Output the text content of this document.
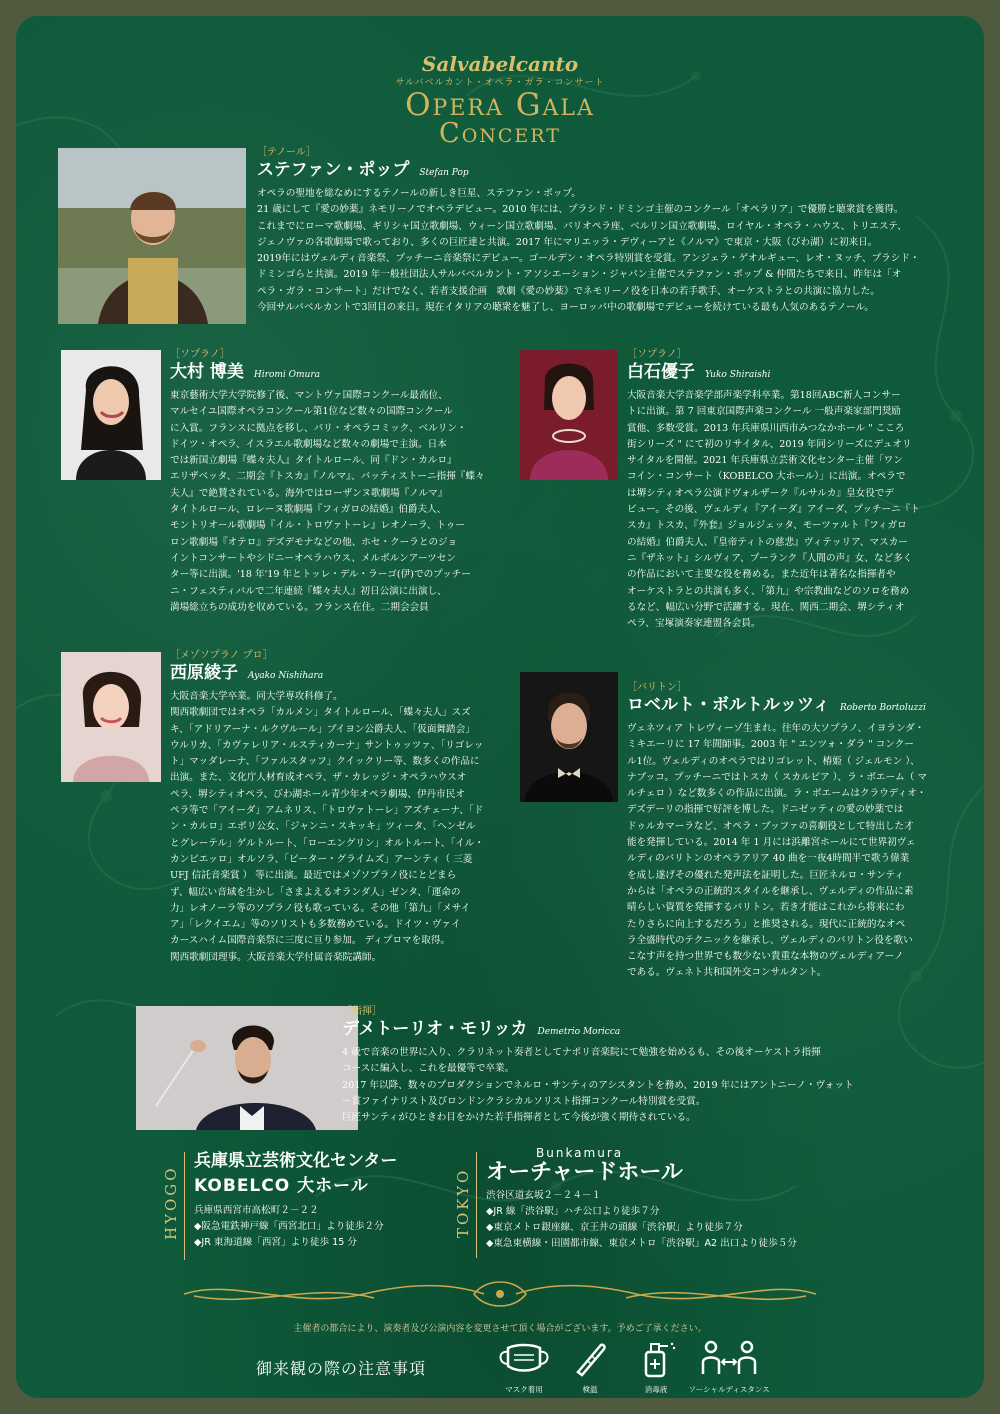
Salvabelcanto
サルバベルカント・オペラ・ガラ・コンサート
Opera Gala
Concert
［テノール］
ステファン・ポップ Stefan Pop
オペラの聖地を総なめにするテノールの新しき巨星、ステファン・ポップ。
21 歳にして『愛の妙薬』ネモリーノでオペラデビュー。2010 年には、プラシド・ドミンゴ主催のコンクール「オペラリア」で優勝と聴衆賞を獲得。
これまでにローマ歌劇場、ギリシャ国立歌劇場、ウィーン国立歌劇場、パリオペラ座、ベルリン国立歌劇場、ロイヤル・オペラ・ハウス、トリエステ、
ジェノヴァの各歌劇場で歌っており、多くの巨匠達と共演。2017 年にマリエッラ・デヴィーアと《ノルマ》で東京・大阪（びわ湖）に初来日。
2019年にはヴェルディ音楽祭、プッチーニ音楽祭にデビュー。ゴールデン・オペラ特別賞を受賞。アンジェラ・ゲオルギュー、レオ・ヌッチ、プラシド・
ドミンゴらと共演。2019 年一般社団法人サルバベルカント・アソシエーション・ジャパン主催でステファン・ポップ & 仲間たちで来日、昨年は「オ
ペラ・ガラ・コンサート」だけでなく、若者支援企画　歌劇《愛の妙薬》でネモリーノ役を日本の若手歌手、オーケストラとの共演に協力した。
今回サルバベルカントで3回目の来日。現在イタリアの聴衆を魅了し、ヨーロッパ中の歌劇場でデビューを続けている最も人気のあるテノール。
［ソプラノ］
大村 博美 Hiromi Omura
東京藝術大学大学院修了後、マントヴァ国際コンクール最高位、
マルセイユ国際オペラコンクール第1位など数々の国際コンクール
に入賞。フランスに拠点を移し、パリ・オペラコミック、ベルリン・
ドイツ・オペラ、イスラエル歌劇場など数々の劇場で主演。日本
では新国立劇場『蝶々夫人』タイトルロール、同『ドン・カルロ』
エリザベッタ、二期会『トスカ』『ノルマ』、バッティストーニ指揮『蝶々
夫人』で絶賛されている。海外ではローザンヌ歌劇場『ノルマ』
タイトルロール、ロレーヌ歌劇場『フィガロの結婚』伯爵夫人、
モントリオール歌劇場『イル・トロヴァトーレ』レオノーラ、トゥー
ロン歌劇場『オテロ』デズデモナなどの他、ホセ・クーラとのジョ
イントコンサートやシドニーオペラハウス、メルボルンアーツセン
ター等に出演。'18 年'19 年とトッレ・デル・ラーゴ(伊)でのプッチー
ニ・フェスティバルで二年連続『蝶々夫人』初日公演に出演し、
満場総立ちの成功を収めている。フランス在住。二期会会員
［ソプラノ］
白石優子 Yuko Shiraishi
大阪音楽大学音楽学部声楽学科卒業。第18回ABC新人コンサー
トに出演。第 7 回東京国際声楽コンクール 一般声楽家部門奨励
賞他、多数受賞。2013 年兵庫県川西市みつなかホール " こころ
街シリーズ " にて初のリサイタル、2019 年同シリーズにデュオリ
サイタルを開催。2021 年兵庫県立芸術文化センター主催「ワン
コイン・コンサート（KOBELCO 大ホール）」に出演。オペラで
は堺シティオペラ公演ドヴォルザーク『ルサルカ』皇女役でデ
ビュー。その後、ヴェルディ『アイーダ』アイーダ、プッチーニ『ト
スカ』トスカ、『外套』ジョルジェッタ、モーツァルト『フィガロ
の結婚』伯爵夫人、『皇帝ティトの慈悲』ヴィテッリア、マスカー
ニ『ザネット』シルヴィア、プーランク『人間の声』女、など多く
の作品において主要な役を務める。また近年は著名な指揮者や
オーケストラとの共演も多く、「第九」や宗教曲などのソロを務め
るなど、幅広い分野で活躍する。現在、関西二期会、堺シティオ
ペラ、宝塚演奏家連盟各会員。
［メゾソプラノ プロ］
西原綾子 Ayako Nishihara
大阪音楽大学卒業。同大学専攻科修了。
関西歌劇団ではオペラ「カルメン」タイトルロール、「蝶々夫人」スズ
キ、「アドリアーナ・ルクヴルール」ブイヨン公爵夫人、「仮面舞踏会」
ウルリカ、「カヴァレリア・ルスティカーナ」サントゥッツァ、「リゴレッ
ト」マッダレーナ、「ファルスタッフ」クイックリー等、数多くの作品に
出演。また、文化庁人材育成オペラ、ザ・カレッジ・オペラハウスオ
ペラ、堺シティオペラ、びわ湖ホール青少年オペラ劇場、伊丹市民オ
ペラ等で「アイーダ」アムネリス、「トロヴァトーレ」アズチェーナ、「ド
ン・カルロ」エボリ公女、「ジャンニ・スキッキ」ツィータ、「ヘンゼル
とグレーテル」ゲルトルート、「ローエングリン」オルトルート、「イル・
カンピエッロ」オルソラ、「ピーター・グライムズ」アーンティ（ 三菱
UFJ 信託音楽賞 ） 等に出演。最近ではメゾソプラノ役にとどまら
ず、幅広い音域を生かし「さまよえるオランダ人」ゼンタ、「運命の
力」レオノーラ等のソプラノ役も歌っている。その他「第九」「メサイ
ア」「レクイエム」等のソリストも多数務めている。ドイツ・ヴァイ
カースハイム国際音楽祭に三度に亘り参加。 ディプロマを取得。
関西歌劇団理事。大阪音楽大学付属音楽院講師。
［バリトン］
ロベルト・ボルトルッツィ Roberto Bortoluzzi
ヴェネツィア トレヴィーゾ生まれ。往年の大ソプラノ、イヨランダ・
ミキエーリに 17 年間師事。2003 年 " エンツォ・ダラ " コンクー
ル1位。ヴェルディのオペラではリゴレット、椿姫（ ジェルモン ）、
ナブッコ。プッチーニではトスカ（ スカルピア ）、ラ・ボエーム（ マ
ルチェロ ）など数多くの作品に出演。ラ・ボエームはクラウディオ・
デズデーリの指揮で好評を博した。ドニゼッティの愛の妙薬では
ドゥルカマーラなど、オペラ・ブッファの喜劇役として特出した才
能を発揮している。2014 年 1 月には浜離宮ホールにて世界初ヴェ
ルディのバリトンのオペラアリア 40 曲を一夜4時間半で歌う偉業
を成し遂げその優れた発声法を証明した。巨匠ネルロ・サンティ
からは「オペラの正統的スタイルを継承し、ヴェルディの作品に素
晴らしい資質を発揮するバリトン。若き才能はこれから将来にわ
たりさらに向上するだろう」と推奨される。現代に正統的なオペ
ラ全盛時代のテクニックを継承し、ヴェルディのバリトン役を歌い
こなす声を持つ世界でも数少ない貴重な本物のヴェルディアーノ
である。ヴェネト共和国外交コンサルタント。
［指揮］
デメトーリオ・モリッカ Demetrio Moricca
4 歳で音楽の世界に入り、クラリネット奏者としてナポリ音楽院にて勉強を始めるも、その後オーケストラ指揮
コースに編入し、これを最優等で卒業。
2017 年以降、数々のプロダクションでネルロ・サンティのアシスタントを務め、2019 年にはアントニーノ・ヴォット
ー賞ファイナリスト及びロンドンクラシカルソリスト指揮コンクール特別賞を受賞。
巨匠サンティがひときわ目をかけた若手指揮者として今後が強く期待されている。
HYOGO
兵庫県立芸術文化センター
KOBELCO 大ホール
兵庫県西宮市高松町２－２２
◆阪急電鉄神戸線「西宮北口」より徒歩２分
◆JR 東海道線「西宮」より徒歩 15 分
TOKYO
Bunkamura
オーチャードホール
渋谷区道玄坂２－２４－１
◆JR 線「渋谷駅」ハチ公口より徒歩７分
◆東京メトロ銀座線、京王井の頭線「渋谷駅」より徒歩７分
◆東急東横線・田園都市線、東京メトロ「渋谷駅」A2 出口より徒歩５分
主催者の都合により、演奏者及び公演内容を変更させて頂く場合がございます。予めご了承ください。
御来観の際の注意事項
マスク着用	検温	消毒液	ソーシャルディスタンス
